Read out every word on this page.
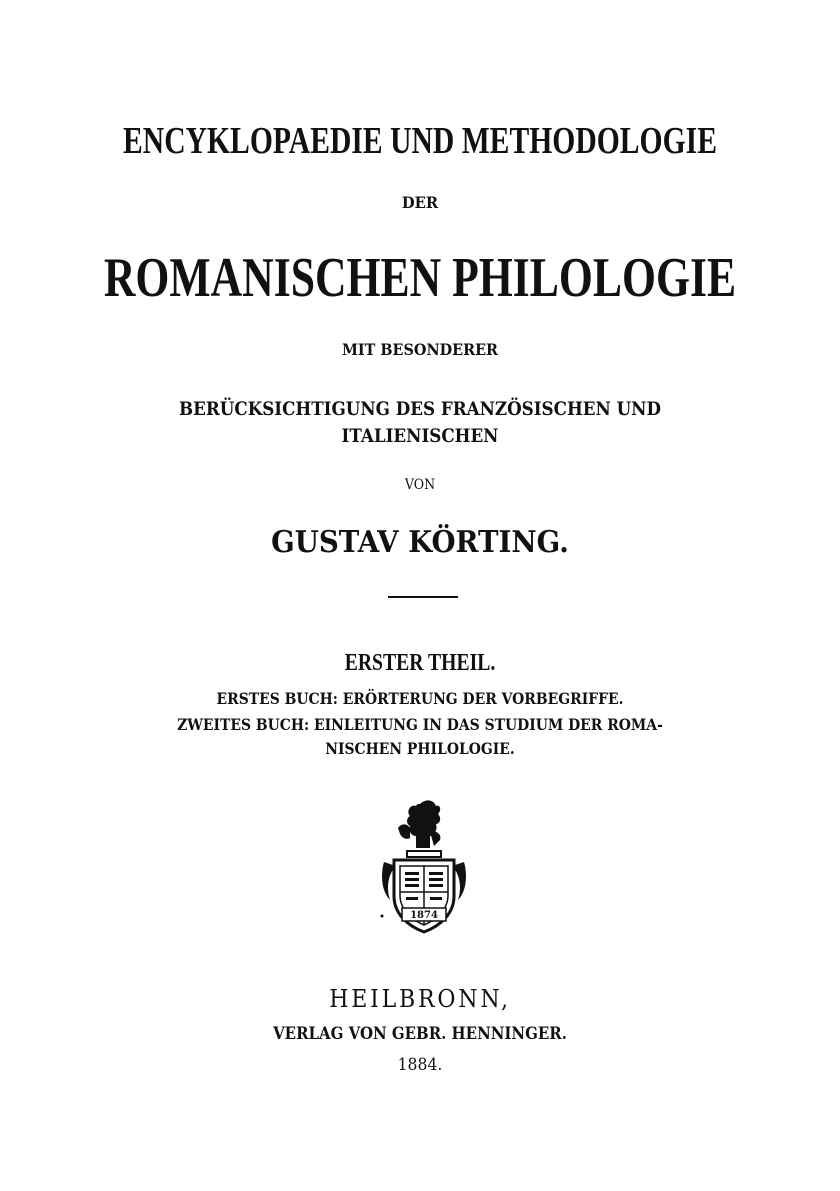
ENCYKLOPAEDIE UND METHODOLOGIE

DER

ROMANISCHEN PHILOLOGIE

MIT BESONDERER

BERÜCKSICHTIGUNG DES FRANZÖSISCHEN UND

ITALIENISCHEN

VON

GUSTAV KÖRTING.

ERSTER THEIL.

ERSTES BUCH: ERÖRTERUNG DER VORBEGRIFFE.

ZWEITES BUCH: EINLEITUNG IN DAS STUDIUM DER ROMA-

NISCHEN PHILOLOGIE.

1874

HEILBRONN,

VERLAG VON GEBR. HENNINGER.

1884.
